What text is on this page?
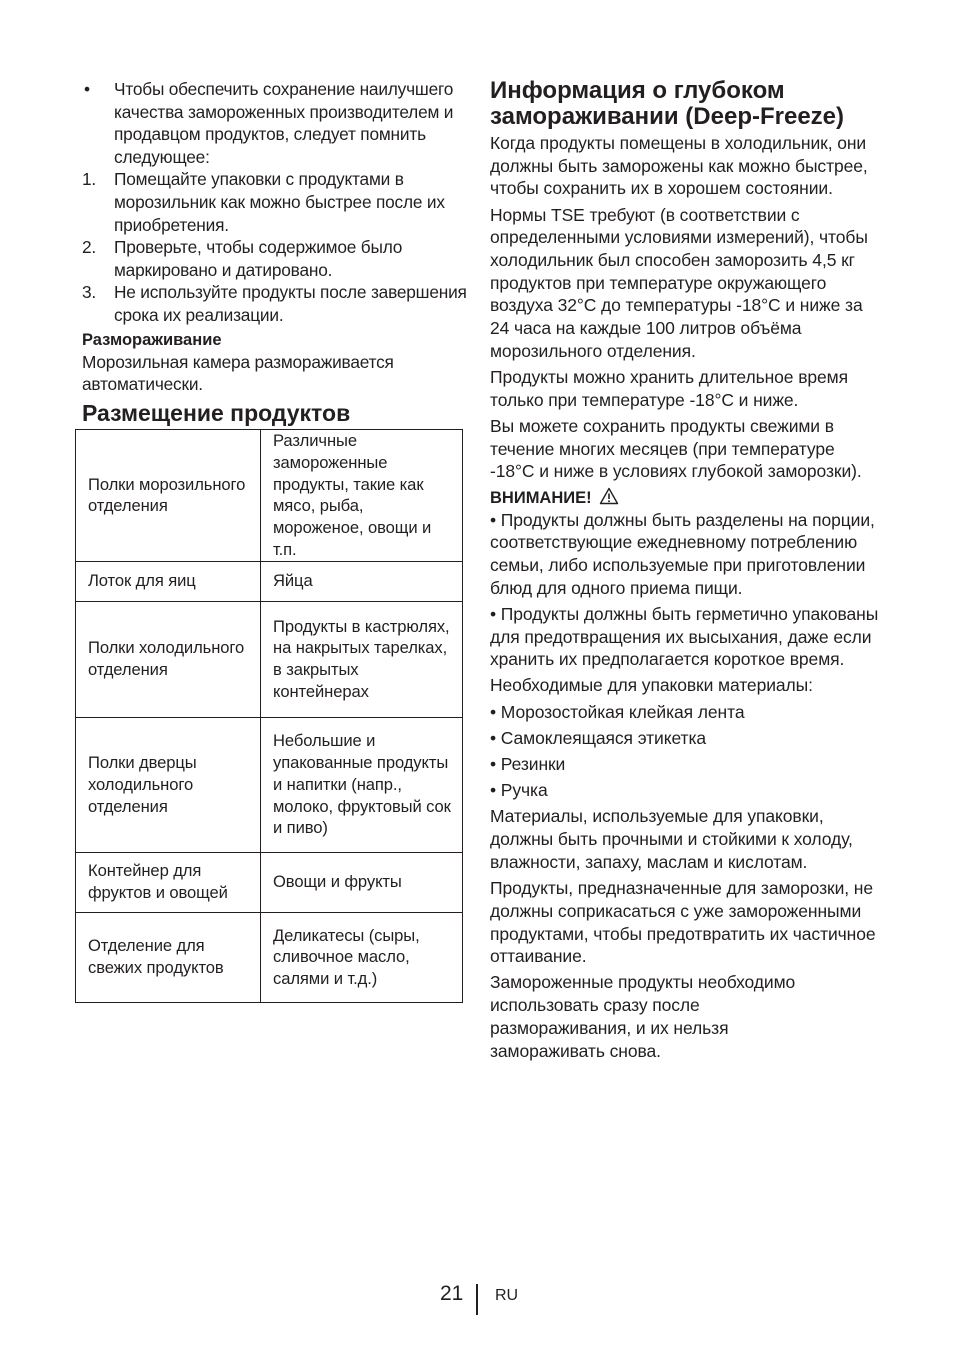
• Чтобы обеспечить сохранение наилучшего качества замороженных производителем и продавцом продуктов, следует помнить следующее:
1. Помещайте упаковки с продуктами в морозильник как можно быстрее после их приобретения.
2. Проверьте, чтобы содержимое было маркировано и датировано.
3. Не используйте продукты после завершения срока их реализации.
Размораживание
Морозильная камера размораживается автоматически.
Размещение продуктов
Полки морозильного отделения	Различные замороженные продукты, такие как мясо, рыба, мороженое, овощи и т.п.
Лоток для яиц	Яйца
Полки холодильного отделения	Продукты в кастрюлях, на накрытых тарелках, в закрытых контейнерах
Полки дверцы холодильного отделения	Небольшие и упакованные продукты и напитки (напр., молоко, фруктовый сок и пиво)
Контейнер для фруктов и овощей	Овощи и фрукты
Отделение для свежих продуктов	Деликатесы (сыры, сливочное масло, салями и т.д.)
Информация о глубоком замораживании (Deep-Freeze)
Когда продукты помещены в холодильник, они должны быть заморожены как можно быстрее, чтобы сохранить их в хорошем состоянии.
Нормы TSE требуют (в соответствии с определенными условиями измерений), чтобы холодильник был способен заморозить 4,5 кг продуктов при температуре окружающего воздуха 32°C до температуры -18°C и ниже за 24 часа на каждые 100 литров объёма морозильного отделения.
Продукты можно хранить длительное время только при температуре -18°C и ниже.
Вы можете сохранить продукты свежими в течение многих месяцев (при температуре -18°C и ниже в условиях глубокой заморозки).
ВНИМАНИЕ!
• Продукты должны быть разделены на порции, соответствующие ежедневному потреблению семьи, либо используемые при приготовлении блюд для одного приема пищи.
• Продукты должны быть герметично упакованы для предотвращения их высыхания, даже если хранить их предполагается короткое время.
Необходимые для упаковки материалы:
• Морозостойкая клейкая лента
• Самоклеящаяся этикетка
• Резинки
• Ручка
Материалы, используемые для упаковки, должны быть прочными и стойкими к холоду, влажности, запаху, маслам и кислотам.
Продукты, предназначенные для заморозки, не должны соприкасаться с уже замороженными продуктами, чтобы предотвратить их частичное оттаивание.
Замороженные продукты необходимо использовать сразу после размораживания, и их нельзя замораживать снова.
21 RU
